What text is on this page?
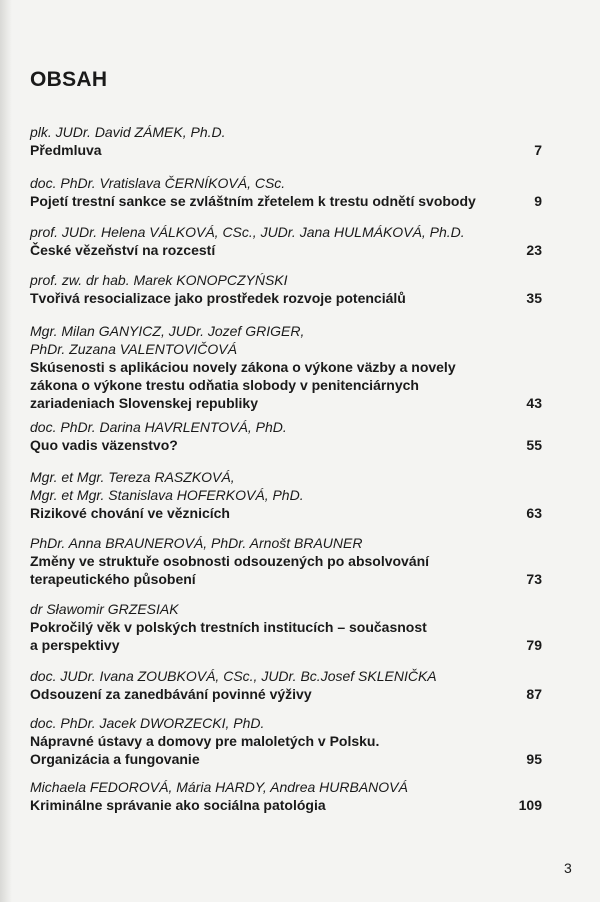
OBSAH
plk. JUDr. David ZÁMEK, Ph.D.
Předmluva	7
doc. PhDr. Vratislava ČERNÍKOVÁ, CSc.
Pojetí trestní sankce se zvláštním zřetelem k trestu odnětí svobody	9
prof. JUDr. Helena VÁLKOVÁ, CSc., JUDr. Jana HULMÁKOVÁ, Ph.D.
České vězeňství na rozcestí	23
prof. zw. dr hab. Marek KONOPCZYŃSKI
Tvořivá resocializace jako prostředek rozvoje potenciálů	35
Mgr. Milan GANYICZ, JUDr. Jozef GRIGER,
PhDr. Zuzana VALENTOVIČOVÁ
Skúsenosti s aplikáciou novely zákona o výkone väzby a novely
zákona o výkone trestu odňatia slobody v penitenciárnych
zariadeniach Slovenskej republiky	43
doc. PhDr. Darina HAVRLENTOVÁ, PhD.
Quo vadis väzenstvo?	55
Mgr. et Mgr. Tereza RASZKOVÁ,
Mgr. et Mgr. Stanislava HOFERKOVÁ, PhD.
Rizikové chování ve věznicích	63
PhDr. Anna BRAUNEROVÁ, PhDr. Arnošt BRAUNER
Změny ve struktuře osobnosti odsouzených po absolvování
terapeutického působení	73
dr Sławomir GRZESIAK
Pokročilý věk v polských trestních institucích – současnost
a perspektivy	79
doc. JUDr. Ivana ZOUBKOVÁ, CSc., JUDr. Bc.Josef SKLENIČKA
Odsouzení za zanedbávání povinné výživy	87
doc. PhDr. Jacek DWORZECKI, PhD.
Nápravné ústavy a domovy pre maloletých v Polsku.
Organizácia a fungovanie	95
Michaela FEDOROVÁ, Mária HARDY, Andrea HURBANOVÁ
Kriminálne správanie ako sociálna patológia	109
3
